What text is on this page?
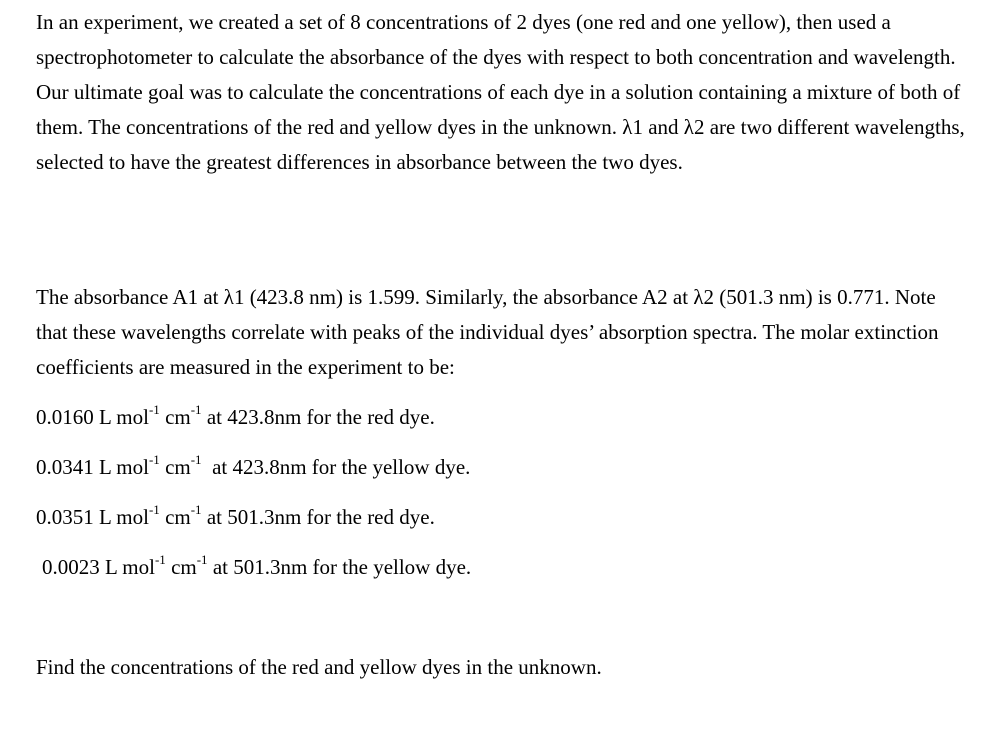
In an experiment, we created a set of 8 concentrations of 2 dyes (one red and one yellow), then used a spectrophotometer to calculate the absorbance of the dyes with respect to both concentration and wavelength. Our ultimate goal was to calculate the concentrations of each dye in a solution containing a mixture of both of them. The concentrations of the red and yellow dyes in the unknown. λ1 and λ2 are two different wavelengths, selected to have the greatest differences in absorbance between the two dyes.

The absorbance A1 at λ1 (423.8 nm) is 1.599. Similarly, the absorbance A2 at λ2 (501.3 nm) is 0.771. Note that these wavelengths correlate with peaks of the individual dyes’ absorption spectra. The molar extinction coefficients are measured in the experiment to be:

0.0160 L mol$^{-1}$ $cm^{-1}$ at 423.8nm for the red dye.
0.0341 L mol$^{-1}$ $cm^{-1}$  at 423.8nm for the yellow dye.
0.0351 L mol$^{-1}$ $cm^{-1}$ at 501.3nm for the red dye.
0.0023 L mol$^{-1}$ $cm^{-1}$ at 501.3nm for the yellow dye.
Find the concentrations of the red and yellow dyes in the unknown.
